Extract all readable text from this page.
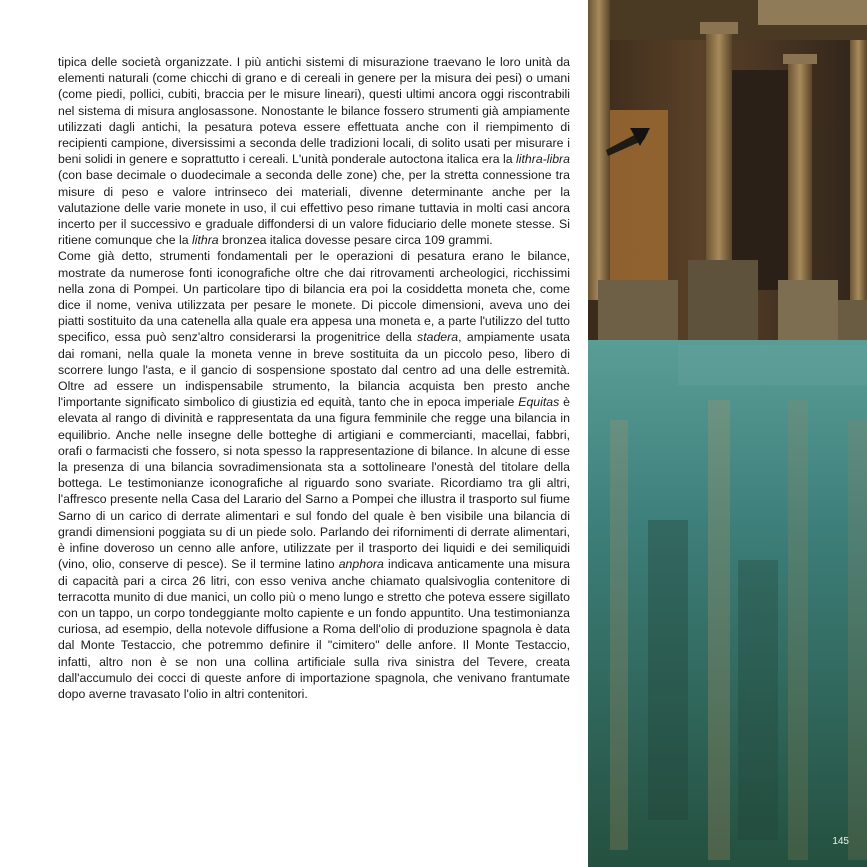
tipica delle società organizzate. I più antichi sistemi di misurazione traevano le loro unità da elementi naturali (come chicchi di grano e di cereali in genere per la misura dei pesi) o umani (come piedi, pollici, cubiti, braccia per le misure lineari), questi ultimi ancora oggi riscontrabili nel sistema di misura anglosassone. Nonostante le bilance fossero strumenti già ampiamente utilizzati dagli antichi, la pesatura poteva essere effettuata anche con il riempimento di recipienti campione, diversissimi a seconda delle tradizioni locali, di solito usati per misurare i beni solidi in genere e soprattutto i cereali. L'unità ponderale autoctona italica era la lithra-libra (con base decimale o duodecimale a seconda delle zone) che, per la stretta connessione tra misure di peso e valore intrinseco dei materiali, divenne determinante anche per la valutazione delle varie monete in uso, il cui effettivo peso rimane tuttavia in molti casi ancora incerto per il successivo e graduale diffondersi di un valore fiduciario delle monete stesse. Si ritiene comunque che la lithra bronzea italica dovesse pesare circa 109 grammi.

Come già detto, strumenti fondamentali per le operazioni di pesatura erano le bilance, mostrate da numerose fonti iconografiche oltre che dai ritrovamenti archeologici, ricchissimi nella zona di Pompei. Un particolare tipo di bilancia era poi la cosiddetta moneta che, come dice il nome, veniva utilizzata per pesare le monete. Di piccole dimensioni, aveva uno dei piatti sostituito da una catenella alla quale era appesa una moneta e, a parte l'utilizzo del tutto specifico, essa può senz'altro considerarsi la progenitrice della stadera, ampiamente usata dai romani, nella quale la moneta venne in breve sostituita da un piccolo peso, libero di scorrere lungo l'asta, e il gancio di sospensione spostato dal centro ad una delle estremità. Oltre ad essere un indispensabile strumento, la bilancia acquista ben presto anche l'importante significato simbolico di giustizia ed equità, tanto che in epoca imperiale Equitas è elevata al rango di divinità e rappresentata da una figura femminile che regge una bilancia in equilibrio. Anche nelle insegne delle botteghe di artigiani e commercianti, macellai, fabbri, orafi o farmacisti che fossero, si nota spesso la rappresentazione di bilance. In alcune di esse la presenza di una bilancia sovradimensionata sta a sottolineare l'onestà del titolare della bottega. Le testimonianze iconografiche al riguardo sono svariate. Ricordiamo tra gli altri, l'affresco presente nella Casa del Larario del Sarno a Pompei che illustra il trasporto sul fiume Sarno di un carico di derrate alimentari e sul fondo del quale è ben visibile una bilancia di grandi dimensioni poggiata su di un piede solo. Parlando dei rifornimenti di derrate alimentari, è infine doveroso un cenno alle anfore, utilizzate per il trasporto dei liquidi e dei semiliquidi (vino, olio, conserve di pesce). Se il termine latino anphora indicava anticamente una misura di capacità pari a circa 26 litri, con esso veniva anche chiamato qualsivoglia contenitore di terracotta munito di due manici, un collo più o meno lungo e stretto che poteva essere sigillato con un tappo, un corpo tondeggiante molto capiente e un fondo appuntito. Una testimonianza curiosa, ad esempio, della notevole diffusione a Roma dell'olio di produzione spagnola è data dal Monte Testaccio, che potremmo definire il "cimitero" delle anfore. Il Monte Testaccio, infatti, altro non è se non una collina artificiale sulla riva sinistra del Tevere, creata dall'accumulo dei cocci di queste anfore di importazione spagnola, che venivano frantumate dopo averne travasato l'olio in altri contenitori.

145
